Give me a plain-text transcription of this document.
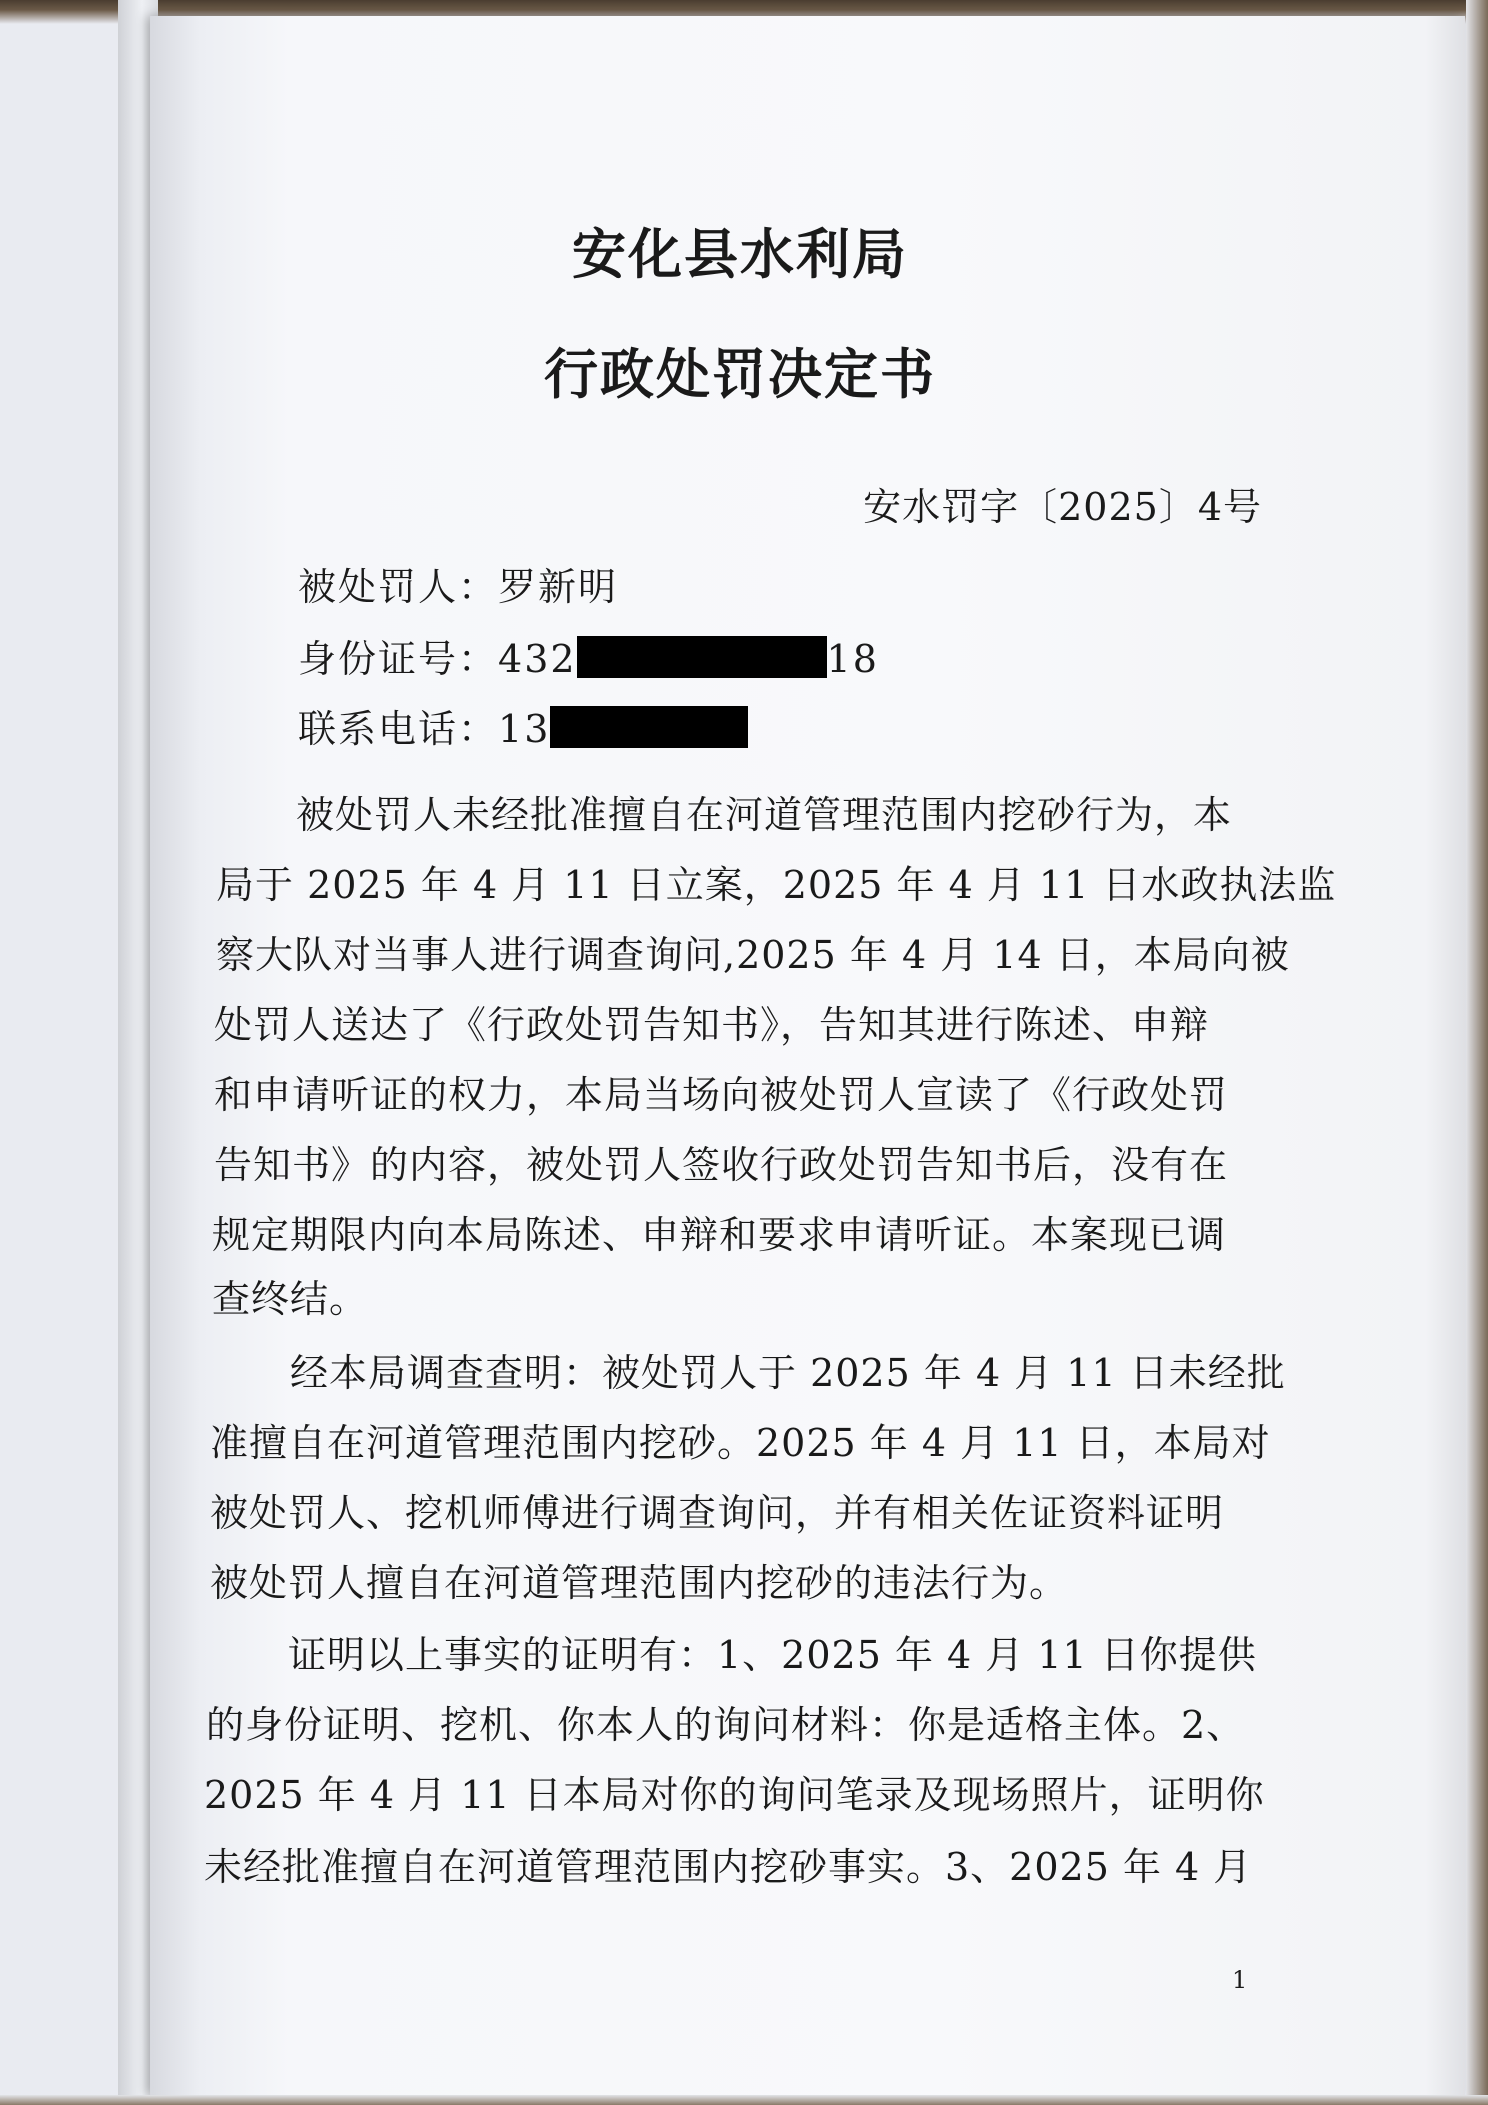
安化县水利局
行政处罚决定书
安水罚字〔2025〕4号
被处罚人：罗新明
身份证号：432	18
联系电话：13
被处罚人未经批准擅自在河道管理范围内挖砂行为，本
局于 2025 年 4 月 11 日立案，2025 年 4 月 11 日水政执法监
察大队对当事人进行调查询问,2025 年 4 月 14 日，本局向被
处罚人送达了《行政处罚告知书》，告知其进行陈述、申辩
和申请听证的权力，本局当场向被处罚人宣读了《行政处罚
告知书》的内容，被处罚人签收行政处罚告知书后，没有在
规定期限内向本局陈述、申辩和要求申请听证。本案现已调
查终结。
经本局调查查明：被处罚人于 2025 年 4 月 11 日未经批
准擅自在河道管理范围内挖砂。2025 年 4 月 11 日，本局对
被处罚人、挖机师傅进行调查询问，并有相关佐证资料证明
被处罚人擅自在河道管理范围内挖砂的违法行为。
证明以上事实的证明有：1、2025 年 4 月 11 日你提供
的身份证明、挖机、你本人的询问材料：你是适格主体。2、
2025 年 4 月 11 日本局对你的询问笔录及现场照片，证明你
未经批准擅自在河道管理范围内挖砂事实。3、2025 年 4 月
1
